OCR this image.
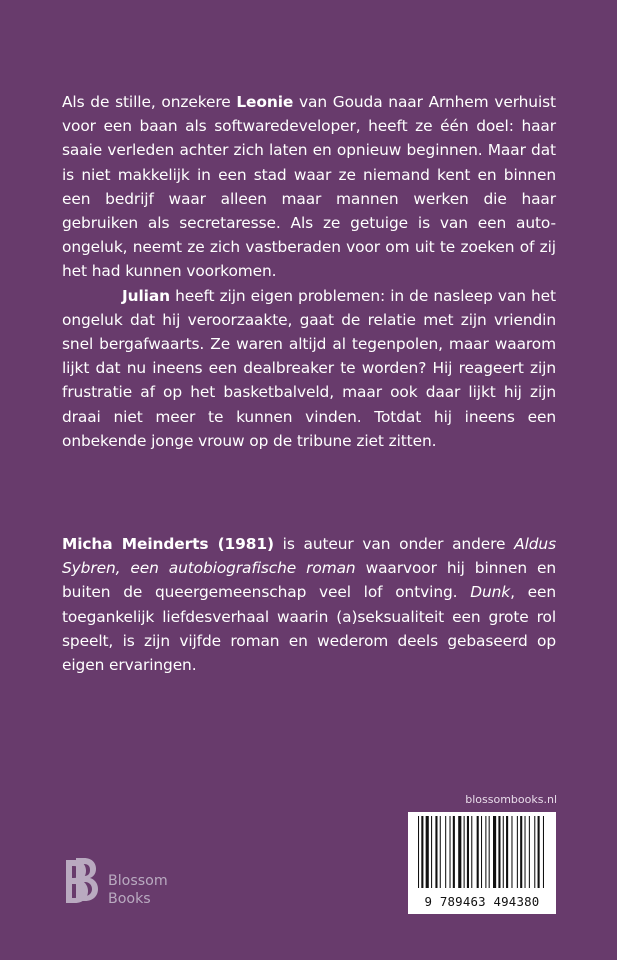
Als de stille, onzekere Leonie van Gouda naar Arnhem verhuist voor een baan als softwaredeveloper, heeft ze één doel: haar saaie verleden achter zich laten en opnieuw beginnen. Maar dat is niet makkelijk in een stad waar ze niemand kent en binnen een bedrijf waar alleen maar mannen werken die haar gebruiken als secretaresse. Als ze getuige is van een auto-ongeluk, neemt ze zich vastberaden voor om uit te zoeken of zij het had kunnen voorkomen.

Julian heeft zijn eigen problemen: in de nasleep van het ongeluk dat hij veroorzaakte, gaat de relatie met zijn vriendin snel bergafwaarts. Ze waren altijd al tegenpolen, maar waarom lijkt dat nu ineens een dealbreaker te worden? Hij reageert zijn frustratie af op het basketbalveld, maar ook daar lijkt hij zijn draai niet meer te kunnen vinden. Totdat hij ineens een onbekende jonge vrouw op de tribune ziet zitten.

Micha Meinderts (1981) is auteur van onder andere Aldus Sybren, een autobiografische roman waarvoor hij binnen en buiten de queergemeenschap veel lof ontving. Dunk, een toegankelijk liefdesverhaal waarin (a)seksualiteit een grote rol speelt, is zijn vijfde roman en wederom deels gebaseerd op eigen ervaringen.

blossombooks.nl
9 789463 494380
Blossom
Books
